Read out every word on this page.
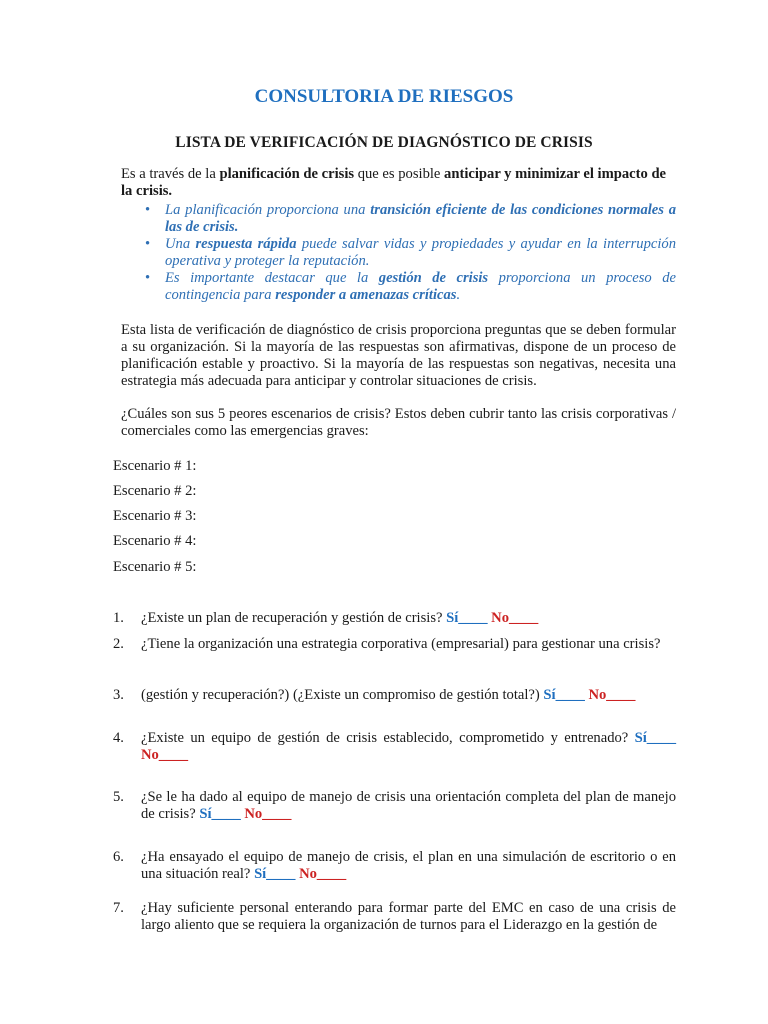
CONSULTORIA DE RIESGOS
LISTA DE VERIFICACIÓN DE DIAGNÓSTICO DE CRISIS
Es a través de la planificación de crisis que es posible anticipar y minimizar el impacto de la crisis.
• La planificación proporciona una transición eficiente de las condiciones normales a las de crisis.
• Una respuesta rápida puede salvar vidas y propiedades y ayudar en la interrupción operativa y proteger la reputación.
• Es importante destacar que la gestión de crisis proporciona un proceso de contingencia para responder a amenazas críticas.
Esta lista de verificación de diagnóstico de crisis proporciona preguntas que se deben formular a su organización. Si la mayoría de las respuestas son afirmativas, dispone de un proceso de planificación estable y proactivo. Si la mayoría de las respuestas son negativas, necesita una estrategia más adecuada para anticipar y controlar situaciones de crisis.
¿Cuáles son sus 5 peores escenarios de crisis? Estos deben cubrir tanto las crisis corporativas / comerciales como las emergencias graves:
Escenario # 1:
Escenario # 2:
Escenario # 3:
Escenario # 4:
Escenario # 5:
1.	¿Existe un plan de recuperación y gestión de crisis? Sí____ No____
2.	¿Tiene la organización una estrategia corporativa (empresarial) para gestionar una crisis?
3.	(gestión y recuperación?) (¿Existe un compromiso de gestión total?) Sí____ No____
4.	¿Existe un equipo de gestión de crisis establecido, comprometido y entrenado? Sí____ No____
5.	¿Se le ha dado al equipo de manejo de crisis una orientación completa del plan de manejo de crisis? Sí____ No____
6.	¿Ha ensayado el equipo de manejo de crisis, el plan en una simulación de escritorio o en una situación real? Sí____ No____
7.	¿Hay suficiente personal enterando para formar parte del EMC en caso de una crisis de largo aliento que se requiera la organización de turnos para el Liderazgo en la gestión de
